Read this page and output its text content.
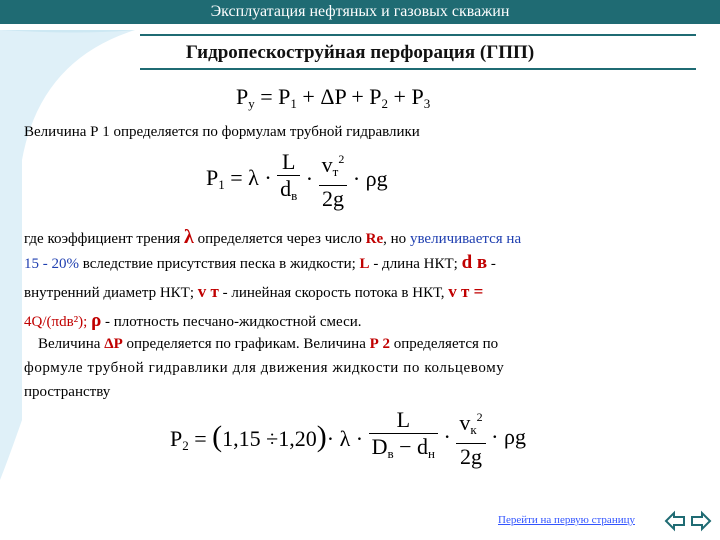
Эксплуатация нефтяных и газовых скважин
Гидропескоструйная перфорация (ГПП)
$P_у = P_1 + \Delta P + P_2 + P_3$
Величина Р 1 определяется по формулам трубной гидравлики
$P_1 = \lambda \cdot \frac{L}{d_в} \cdot \frac{v_т^2}{2g} \cdot \rho g$
где коэффициент трения λ определяется через число Re, но увеличивается на
15 - 20% вследствие присутствия песка в жидкости; L - длина НКТ; d в -
внутренний диаметр НКТ; v т - линейная скорость потока в НКТ, v т =
4Q/(πdв²); ρ - плотность песчано-жидкостной смеси.
Величина ΔР определяется по графикам. Величина Р 2 определяется по
формуле трубной гидравлики для движения жидкости по кольцевому
пространству
$P_2 = (1,15 \div 1,20)\cdot \lambda \cdot \frac{L}{D_в - d_н} \cdot \frac{v_к^2}{2g} \cdot \rho g$
Перейти на первую страницу
